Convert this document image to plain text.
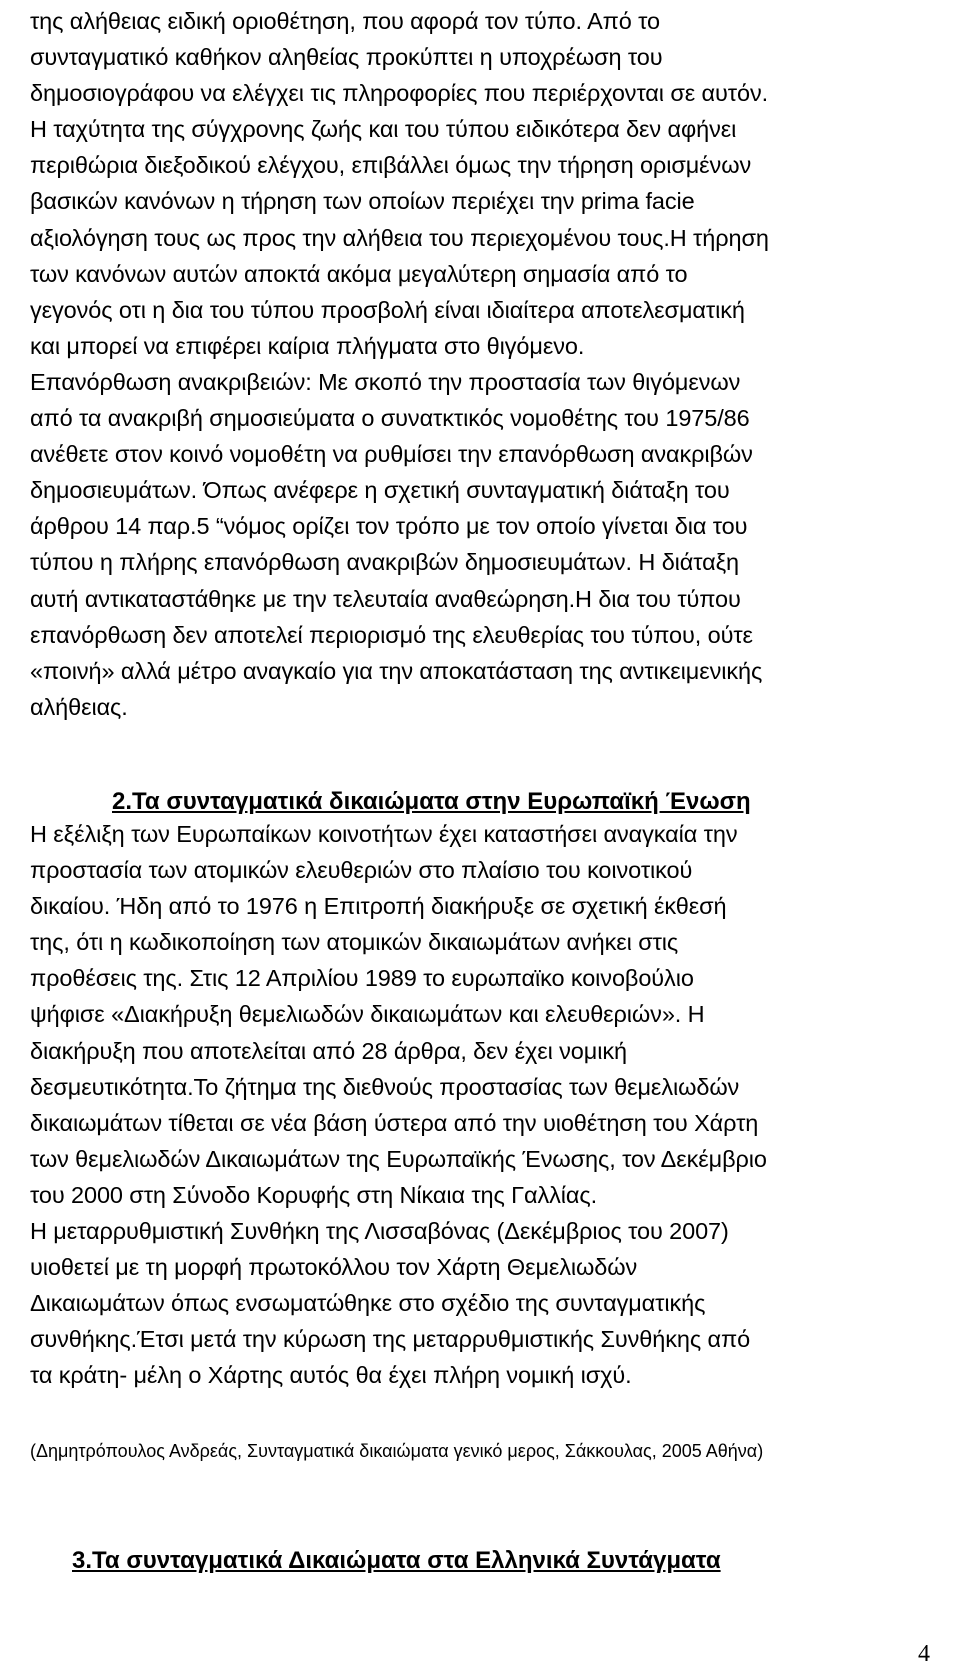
της αλήθειας ειδική οριοθέτηση, που αφορά τον τύπο. Από το

συνταγματικό καθήκον αληθείας προκύπτει η υποχρέωση του

δημοσιογράφου να ελέγχει τις πληροφορίες που περιέρχονται σε αυτόν.

Η ταχύτητα της σύγχρονης ζωής και του τύπου ειδικότερα δεν αφήνει

περιθώρια διεξοδικού ελέγχου, επιβάλλει όμως την τήρηση ορισμένων

βασικών κανόνων η τήρηση των οποίων περιέχει την prima facie

αξιολόγηση τους ως προς την αλήθεια του περιεχομένου τους.Η τήρηση

των κανόνων αυτών αποκτά ακόμα μεγαλύτερη σημασία από το

γεγονός οτι η δια του τύπου προσβολή είναι ιδιαίτερα αποτελεσματική

και μπορεί να επιφέρει καίρια πλήγματα στο θιγόμενο.

Επανόρθωση ανακριβειών: Με σκοπό την προστασία των θιγόμενων

από τα ανακριβή σημοσιεύματα ο συνατκτικός νομοθέτης του 1975/86

ανέθετε στον κοινό νομοθέτη να ρυθμίσει την επανόρθωση ανακριβών

δημοσιευμάτων. Όπως ανέφερε η σχετική συνταγματική διάταξη του

άρθρου 14 παρ.5 “νόμος ορίζει τον τρόπο με τον οποίο γίνεται δια του

τύπου η πλήρης επανόρθωση ανακριβών δημοσιευμάτων. Η διάταξη

αυτή αντικαταστάθηκε με την τελευταία αναθεώρηση.Η δια του τύπου

επανόρθωση δεν αποτελεί περιορισμό της ελευθερίας του τύπου, ούτε

«ποινή» αλλά μέτρο αναγκαίο για την αποκατάσταση της αντικειμενικής

αλήθειας.

2.Τα συνταγματικά δικαιώματα στην Ευρωπαϊκή Ένωση

Η εξέλιξη των Ευρωπαίκων κοινοτήτων έχει καταστήσει αναγκαία την

προστασία των ατομικών ελευθεριών στο πλαίσιο του κοινοτικού

δικαίου. Ήδη από το 1976 η Επιτροπή διακήρυξε σε σχετική έκθεσή

της, ότι η κωδικοποίηση των ατομικών δικαιωμάτων ανήκει στις

προθέσεις της. Στις 12 Απριλίου 1989 το ευρωπαϊκο κοινοβούλιο

ψήφισε «Διακήρυξη θεμελιωδών δικαιωμάτων και ελευθεριών». Η

διακήρυξη που αποτελείται από 28 άρθρα, δεν έχει νομική

δεσμευτικότητα.Το ζήτημα της διεθνούς προστασίας των θεμελιωδών

δικαιωμάτων τίθεται σε νέα βάση ύστερα από την υιοθέτηση του Χάρτη

των θεμελιωδών Δικαιωμάτων της Ευρωπαϊκής Ένωσης, τον Δεκέμβριο

του 2000 στη Σύνοδο Κορυφής στη Νίκαια της Γαλλίας.

Η μεταρρυθμιστική Συνθήκη της Λισσαβόνας (Δεκέμβριος του 2007)

υιοθετεί με τη μορφή πρωτοκόλλου τον Χάρτη Θεμελιωδών

Δικαιωμάτων όπως ενσωματώθηκε στο σχέδιο της συνταγματικής

συνθήκης.Έτσι μετά την κύρωση της μεταρρυθμιστικής Συνθήκης από

τα κράτη- μέλη ο Χάρτης αυτός θα έχει πλήρη νομική ισχύ.

(Δημητρόπουλος Ανδρεάς, Συνταγματικά δικαιώματα γενικό μερος, Σάκκουλας, 2005 Αθήνα)
3.Τα συνταγματικά Δικαιώματα στα Ελληνικά Συντάγματα
4
